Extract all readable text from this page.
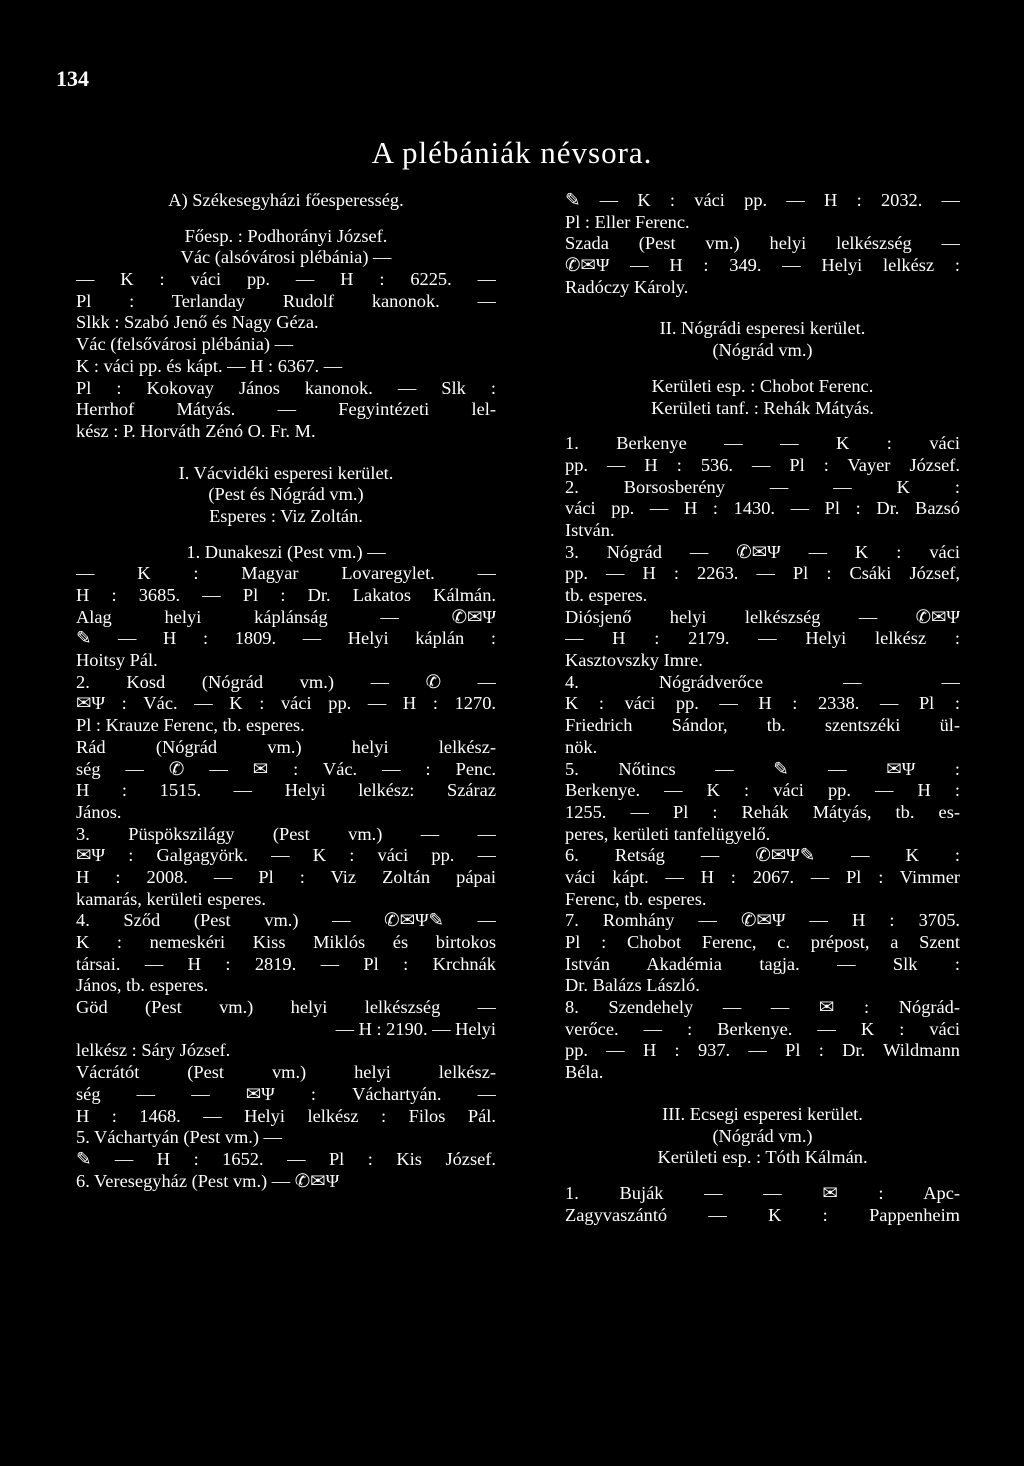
134
A plébániák névsora.
A) Székesegyházi főesperesség.
Főesp. : Podhorányi József.
Vác (alsóvárosi plébánia) —
— K : váci pp. — H : 6225. —
Pl : Terlanday Rudolf kanonok. —
Slkk : Szabó Jenő és Nagy Géza.
Vác (felsővárosi plébánia) —
K : váci pp. és kápt. — H : 6367. —
Pl : Kokovay János kanonok. — Slk :
Herrhof Mátyás. — Fegyintézeti lel-
kész : P. Horváth Zénó O. Fr. M.
I. Vácvidéki esperesi kerület.
(Pest és Nógrád vm.)
Esperes : Viz Zoltán.
1. Dunakeszi (Pest vm.) —
— K : Magyar Lovaregylet. —
H : 3685. — Pl : Dr. Lakatos Kálmán.
Alag helyi káplánság — ✆✉Ψ
✎ — H : 1809. — Helyi káplán :
Hoitsy Pál.
2. Kosd (Nógrád vm.) — ✆ —
✉Ψ : Vác. — K : váci pp. — H : 1270.
Pl : Krauze Ferenc, tb. esperes.
Rád (Nógrád vm.) helyi lelkész-
ség — ✆ — ✉ : Vác. — : Penc.
H : 1515. — Helyi lelkész: Száraz
János.
3. Püspökszilágy (Pest vm.) — —
✉Ψ : Galgagyörk. — K : váci pp. —
H : 2008. — Pl : Viz Zoltán pápai
kamarás, kerületi esperes.
4. Sződ (Pest vm.) — ✆✉Ψ✎ —
K : nemeskéri Kiss Miklós és birtokos
társai. — H : 2819. — Pl : Krchnák
János, tb. esperes.
Göd (Pest vm.) helyi lelkészség —
— H : 2190. — Helyi
lelkész : Sáry József.
Vácrátót (Pest vm.) helyi lelkész-
ség — — ✉Ψ : Váchartyán. —
H : 1468. — Helyi lelkész : Filos Pál.
5. Váchartyán (Pest vm.) —
✎ — H : 1652. — Pl : Kis József.
6. Veresegyház (Pest vm.) — ✆✉Ψ
✎ — K : váci pp. — H : 2032. —
Pl : Eller Ferenc.
Szada (Pest vm.) helyi lelkészség —
✆✉Ψ — H : 349. — Helyi lelkész :
Radóczy Károly.
II. Nógrádi esperesi kerület.
(Nógrád vm.)
Kerületi esp. : Chobot Ferenc.
Kerületi tanf. : Rehák Mátyás.
1. Berkenye — — K : váci
pp. — H : 536. — Pl : Vayer József.
2. Borsosberény — — K :
váci pp. — H : 1430. — Pl : Dr. Bazsó
István.
3. Nógrád — ✆✉Ψ — K : váci
pp. — H : 2263. — Pl : Csáki József,
tb. esperes.
Diósjenő helyi lelkészség — ✆✉Ψ
— H : 2179. — Helyi lelkész :
Kasztovszky Imre.
4. Nógrádverőce — —
K : váci pp. — H : 2338. — Pl :
Friedrich Sándor, tb. szentszéki ül-
nök.
5. Nőtincs — ✎ — ✉Ψ :
Berkenye. — K : váci pp. — H :
1255. — Pl : Rehák Mátyás, tb. es-
peres, kerületi tanfelügyelő.
6. Retság — ✆✉Ψ✎ — K :
váci kápt. — H : 2067. — Pl : Vimmer
Ferenc, tb. esperes.
7. Romhány — ✆✉Ψ — H : 3705.
Pl : Chobot Ferenc, c. prépost, a Szent
István Akadémia tagja. — Slk :
Dr. Balázs László.
8. Szendehely — — ✉ : Nógrád-
verőce. — : Berkenye. — K : váci
pp. — H : 937. — Pl : Dr. Wildmann
Béla.
III. Ecsegi esperesi kerület.
(Nógrád vm.)
Kerületi esp. : Tóth Kálmán.
1. Buják — — ✉ : Apc-
Zagyvaszántó — K : Pappenheim
